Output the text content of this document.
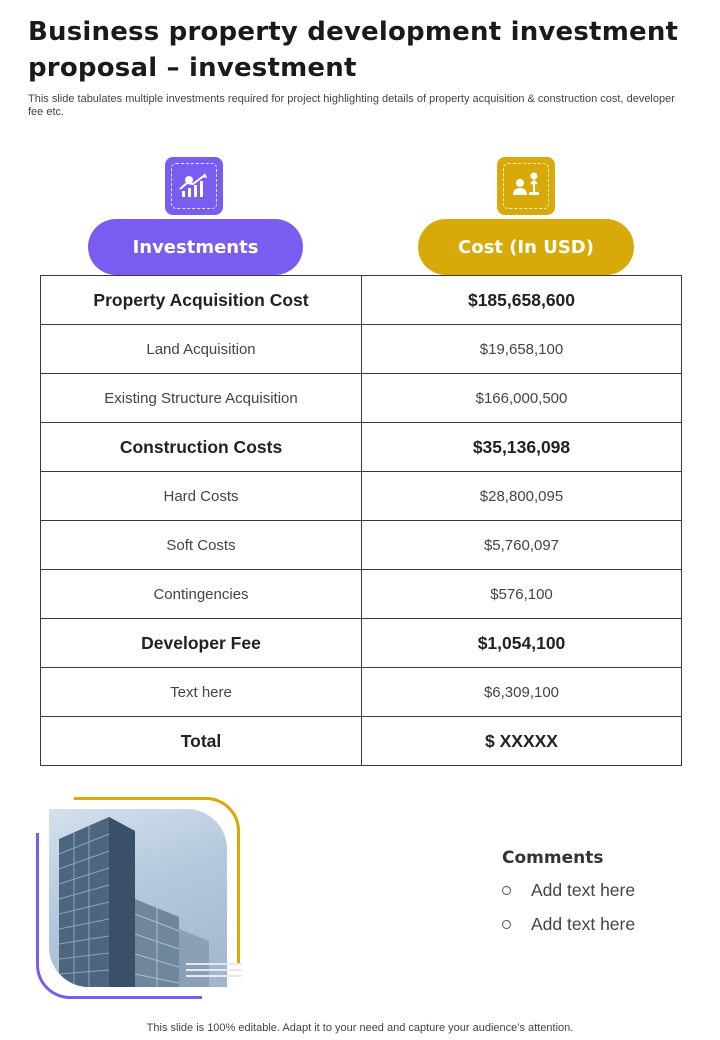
Business property development investment proposal – investment
This slide tabulates multiple investments required for project highlighting details of property acquisition & construction cost, developer fee etc.
Investments	Cost (In USD)
Property Acquisition Cost	$185,658,600
Land Acquisition	$19,658,100
Existing Structure Acquisition	$166,000,500
Construction Costs	$35,136,098
Hard Costs	$28,800,095
Soft Costs	$5,760,097
Contingencies	$576,100
Developer Fee	$1,054,100
Text here	$6,309,100
Total	$ XXXXX
Comments
Add text here
Add text here
This slide is 100% editable. Adapt it to your need and capture your audience’s attention.
